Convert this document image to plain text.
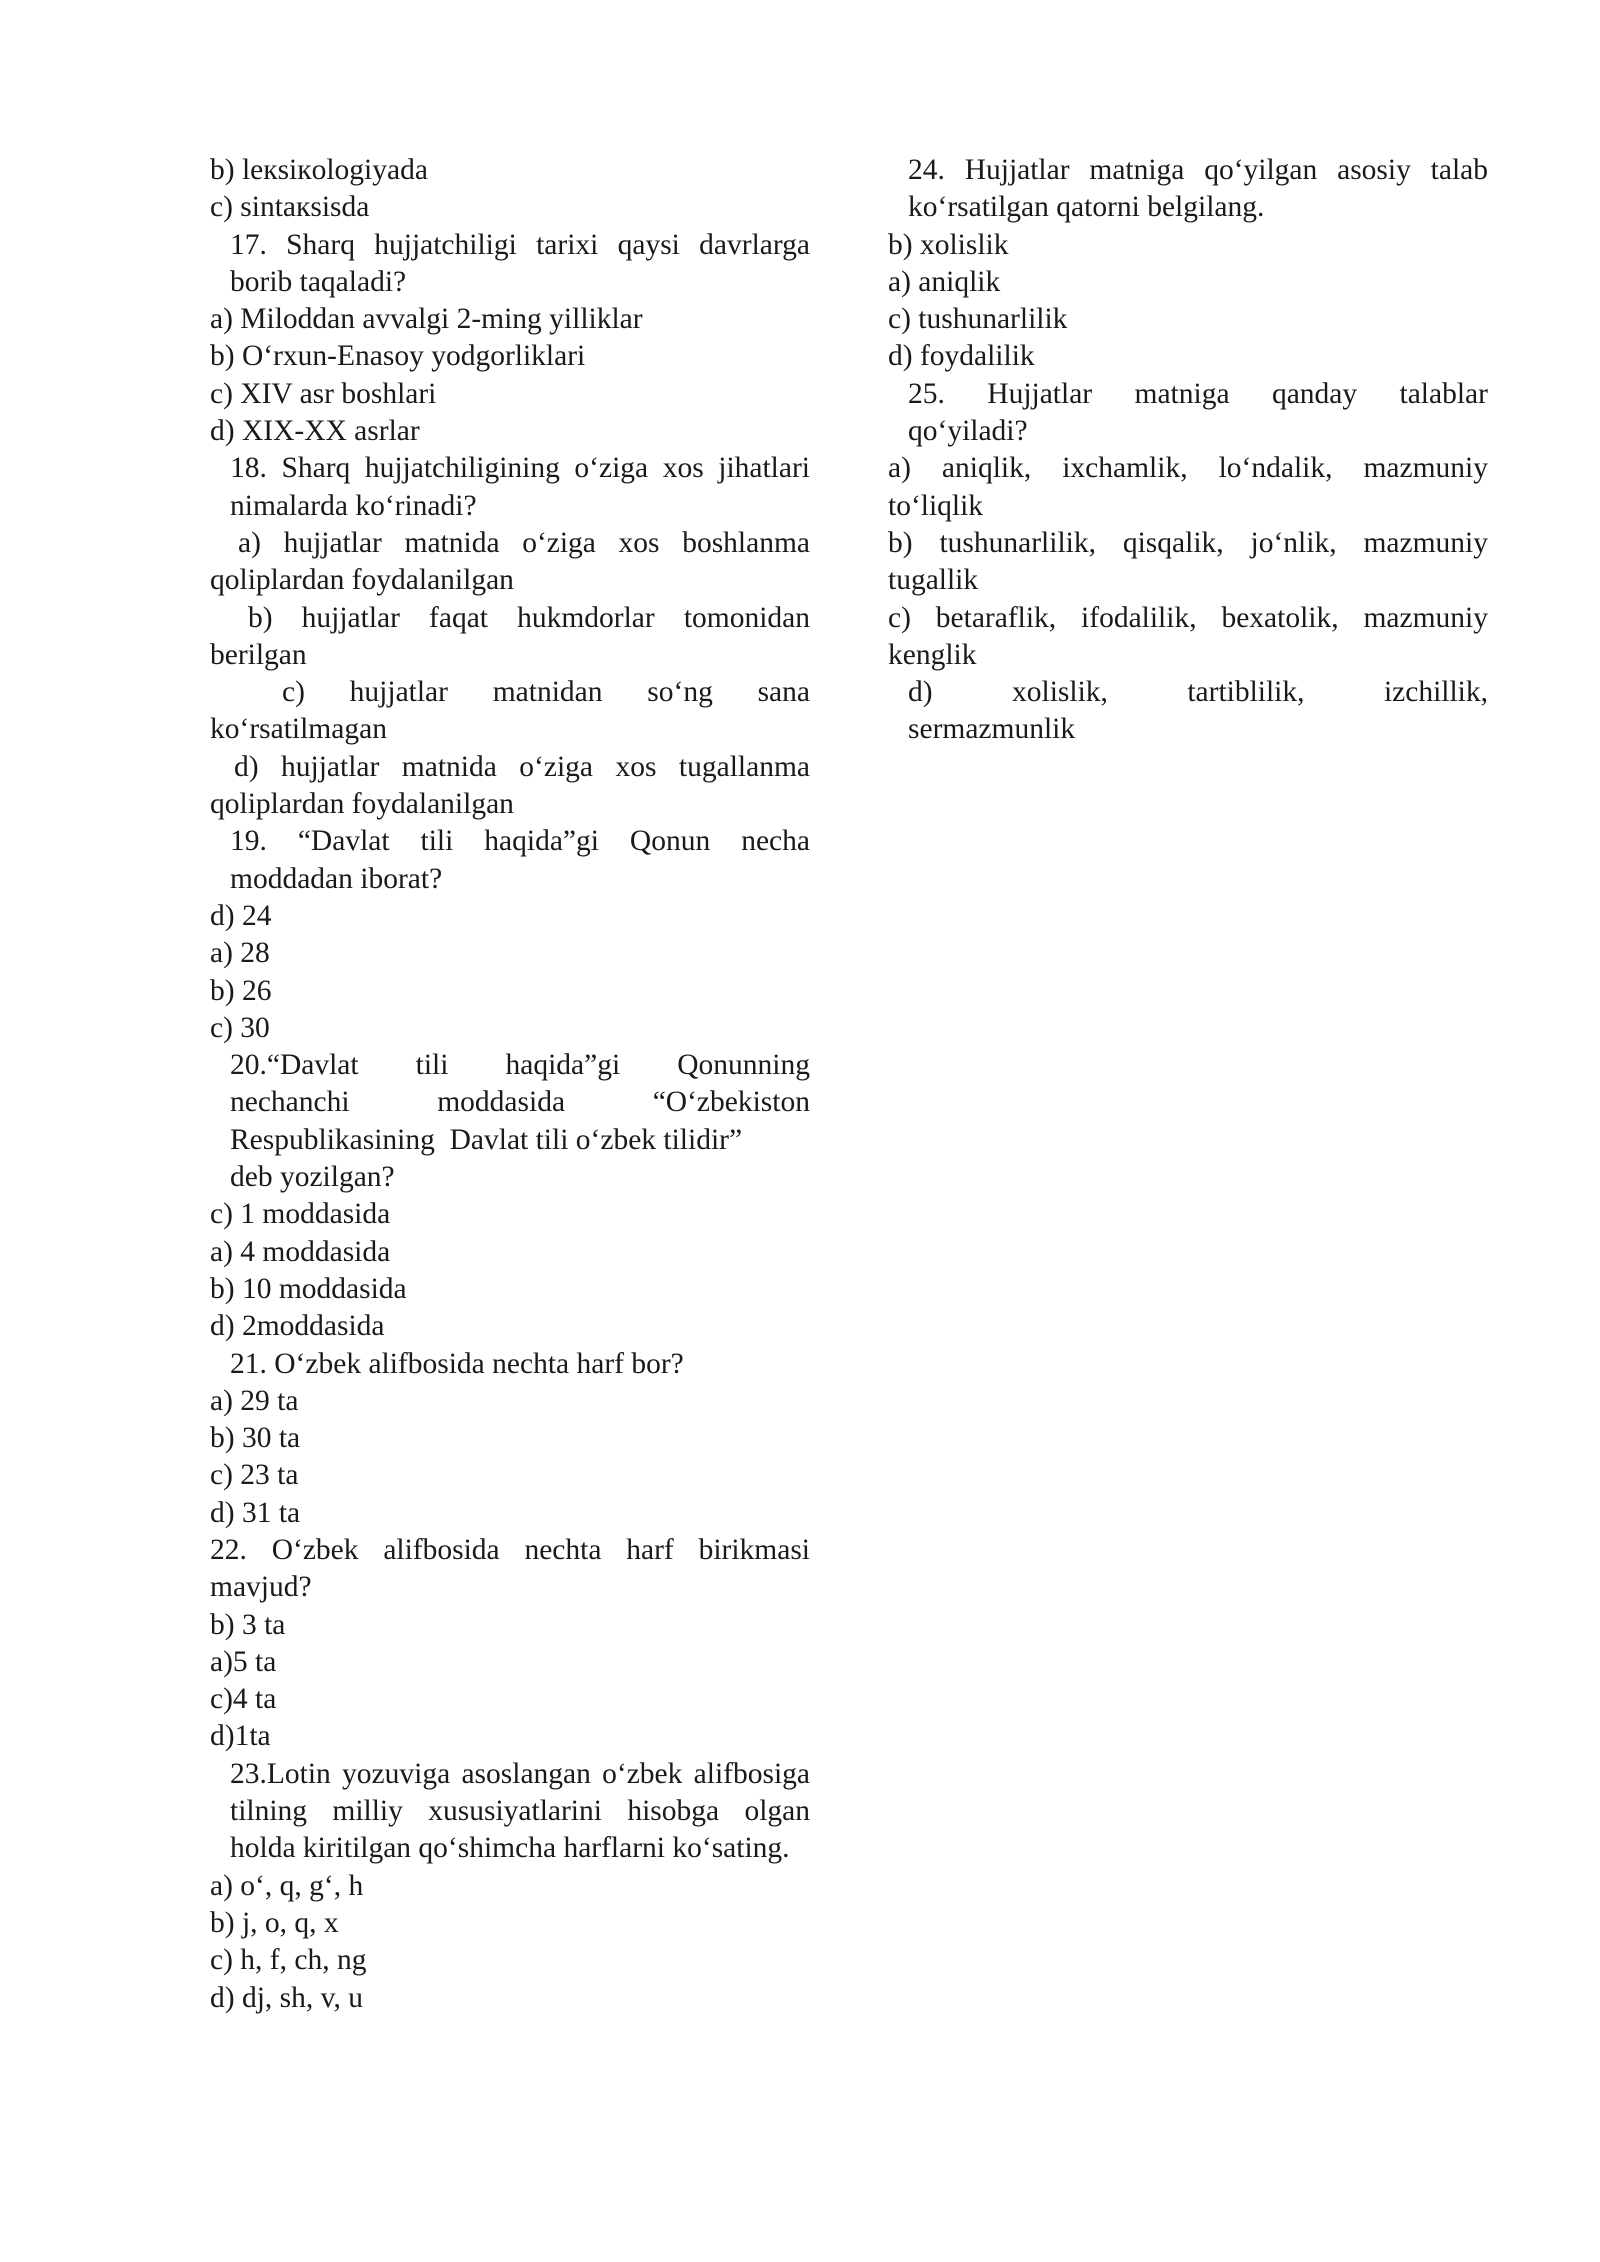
b) leкsiкologiyada

c) sintaкsisda

17. Sharq hujjatchiligi tarixi qaysi davrlarga borib taqaladi?

a) Miloddan avvalgi 2-ming yilliklar

b) O‘rxun-Enasoy yodgorliklari

c) XIV asr boshlari

d) XIX-XX asrlar

18. Sharq hujjatchiligining o‘ziga xos jihatlari nimalarda ko‘rinadi?

a) hujjatlar matnida o‘ziga xos boshlanma qoliplardan foydalanilgan

b) hujjatlar faqat hukmdorlar tomonidan berilgan

c) hujjatlar matnidan so‘ng sana ko‘rsatilmagan

d) hujjatlar matnida o‘ziga xos tugallanma qoliplardan foydalanilgan

19. “Davlat tili haqida”gi Qonun necha moddadan iborat?

d) 24

a) 28

b) 26

c) 30

20.“Davlat tili haqida”gi Qonunning
nechanchi	moddasida	“O‘zbekiston
Respublikasining  Davlat tili o‘zbek tilidir”
deb yozilgan?

c) 1 moddasida

a) 4 moddasida

b) 10 moddasida

d) 2moddasida

21. O‘zbek alifbosida nechta harf bor?

a) 29 ta

b) 30 ta

c) 23 ta

d) 31 ta

22. O‘zbek alifbosida nechta harf birikmasi mavjud?

b) 3 ta

a)5 ta

c)4 ta

d)1ta

23.Lotin yozuviga asoslangan o‘zbek alifbosiga tilning milliy xususiyatlarini hisobga olgan holda kiritilgan qo‘shimcha harflarni ko‘sating.

a) o‘, q, g‘, h

b) j, o, q, x

c) h, f, ch, ng

d) dj, sh, v, u

24. Hujjatlar matniga qo‘yilgan asosiy talab ko‘rsatilgan qatorni belgilang.

b) xolislik

a) aniqlik

c) tushunarlilik

d) foydalilik

25. Hujjatlar matniga qanday talablar
qo‘yiladi?

a) aniqlik, ixchamlik, lo‘ndalik, mazmuniy to‘liqlik

b) tushunarlilik, qisqalik, jo‘nlik, mazmuniy tugallik

c) betaraflik, ifodalilik, bexatolik, mazmuniy kenglik

d)	xolislik,	tartiblilik,	izchillik,
sermazmunlik
